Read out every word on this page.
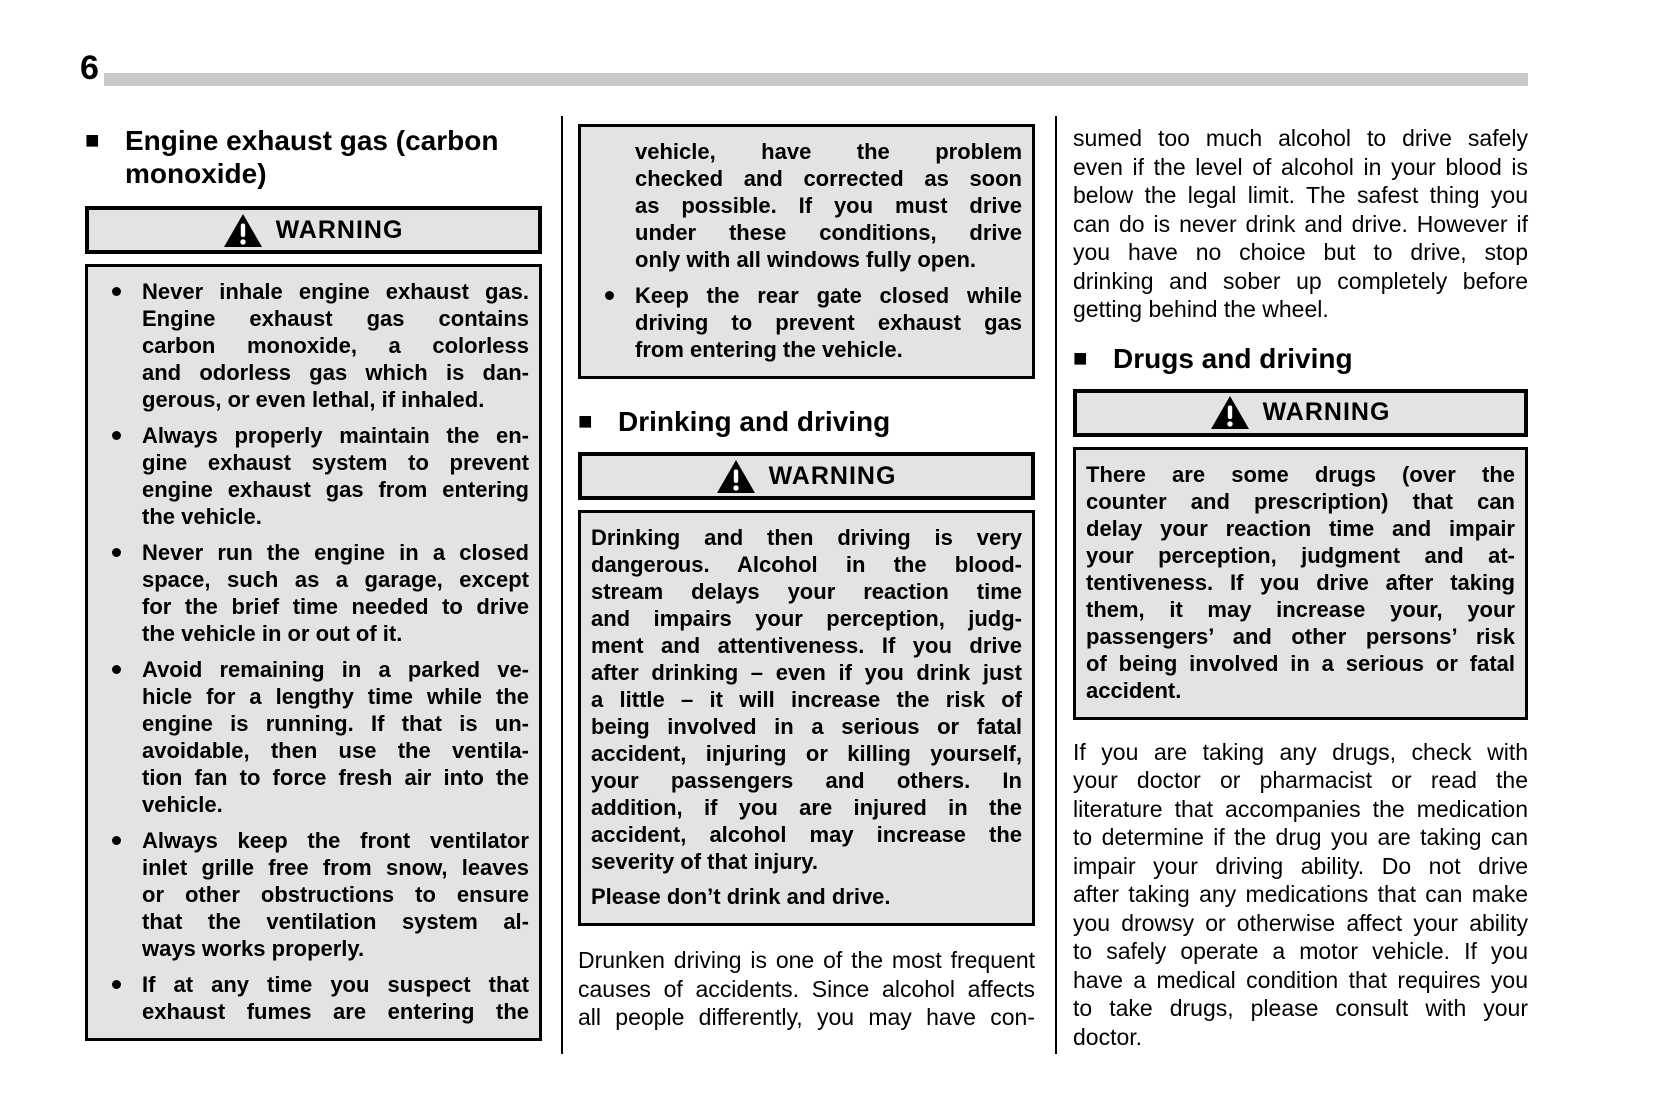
6
■ Engine exhaust gas (carbon
monoxide)
WARNING
Never inhale engine exhaust gas.
Engine exhaust gas contains
carbon monoxide, a colorless
and odorless gas which is dan-
gerous, or even lethal, if inhaled.
Always properly maintain the en-
gine exhaust system to prevent
engine exhaust gas from entering
the vehicle.
Never run the engine in a closed
space, such as a garage, except
for the brief time needed to drive
the vehicle in or out of it.
Avoid remaining in a parked ve-
hicle for a lengthy time while the
engine is running. If that is un-
avoidable, then use the ventila-
tion fan to force fresh air into the
vehicle.
Always keep the front ventilator
inlet grille free from snow, leaves
or other obstructions to ensure
that the ventilation system al-
ways works properly.
If at any time you suspect that
exhaust fumes are entering the
vehicle, have the problem
checked and corrected as soon
as possible. If you must drive
under these conditions, drive
only with all windows fully open.
Keep the rear gate closed while
driving to prevent exhaust gas
from entering the vehicle.
■ Drinking and driving
WARNING
Drinking and then driving is very
dangerous. Alcohol in the blood-
stream delays your reaction time
and impairs your perception, judg-
ment and attentiveness. If you drive
after drinking – even if you drink just
a little – it will increase the risk of
being involved in a serious or fatal
accident, injuring or killing yourself,
your passengers and others. In
addition, if you are injured in the
accident, alcohol may increase the
severity of that injury.
Please don’t drink and drive.
Drunken driving is one of the most frequent
causes of accidents. Since alcohol affects
all people differently, you may have con-
sumed too much alcohol to drive safely
even if the level of alcohol in your blood is
below the legal limit. The safest thing you
can do is never drink and drive. However if
you have no choice but to drive, stop
drinking and sober up completely before
getting behind the wheel.
■ Drugs and driving
WARNING
There are some drugs (over the
counter and prescription) that can
delay your reaction time and impair
your perception, judgment and at-
tentiveness. If you drive after taking
them, it may increase your, your
passengers’ and other persons’ risk
of being involved in a serious or fatal
accident.
If you are taking any drugs, check with
your doctor or pharmacist or read the
literature that accompanies the medication
to determine if the drug you are taking can
impair your driving ability. Do not drive
after taking any medications that can make
you drowsy or otherwise affect your ability
to safely operate a motor vehicle. If you
have a medical condition that requires you
to take drugs, please consult with your
doctor.
